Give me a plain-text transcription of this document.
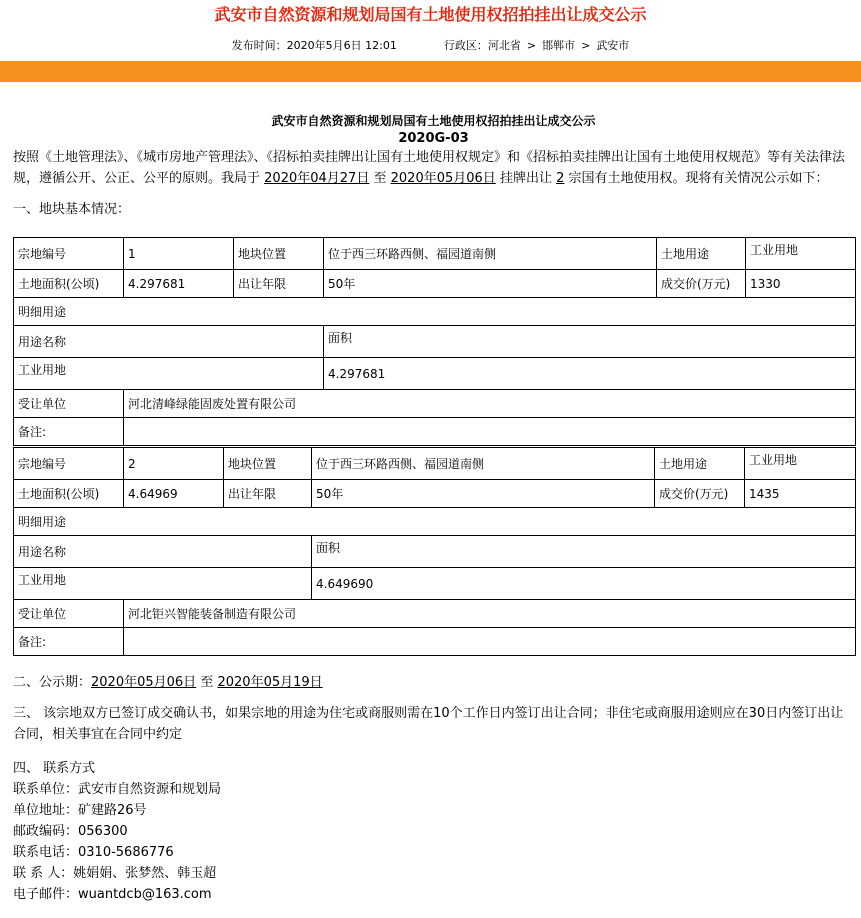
武安市自然资源和规划局国有土地使用权招拍挂出让成交公示
发布时间：2020年5月6日 12:01	行政区：河北省 > 邯郸市 > 武安市
武安市自然资源和规划局国有土地使用权招拍挂出让成交公示
2020G-03

按照《土地管理法》、《城市房地产管理法》、《招标拍卖挂牌出让国有土地使用权规定》和《招标拍卖挂牌出让国有土地使用权规范》等有关法律法规，遵循公开、公正、公平的原则。我局于 2020年04月27日 至 2020年05月06日 挂牌出让 2 宗国有土地使用权。现将有关情况公示如下：

一、地块基本情况：

宗地编号	1	地块位置	位于西三环路西侧、福园道南侧	土地用途	工业用地
土地面积(公顷)	4.297681	出让年限	50年	成交价(万元)	1330
明细用途					
用途名称			面积		
工业用地			4.297681		
受让单位	河北清峰绿能固废处置有限公司				
备注:					
宗地编号	2	地块位置	位于西三环路西侧、福园道南侧	土地用途	工业用地
土地面积(公顷)	4.64969	出让年限	50年	成交价(万元)	1435
明细用途					
用途名称			面积		
工业用地			4.649690		
受让单位	河北钜兴智能装备制造有限公司				
备注:					

二、公示期：2020年05月06日 至 2020年05月19日

三、 该宗地双方已签订成交确认书，如果宗地的用途为住宅或商服则需在10个工作日内签订出让合同；非住宅或商服用途则应在30日内签订出让合同，相关事宜在合同中约定

四、 联系方式

联系单位：武安市自然资源和规划局

单位地址：矿建路26号

邮政编码：056300

联系电话：0310-5686776

联 系 人：姚娟娟、张梦然、韩玉超

电子邮件：wuantdcb@163.com
